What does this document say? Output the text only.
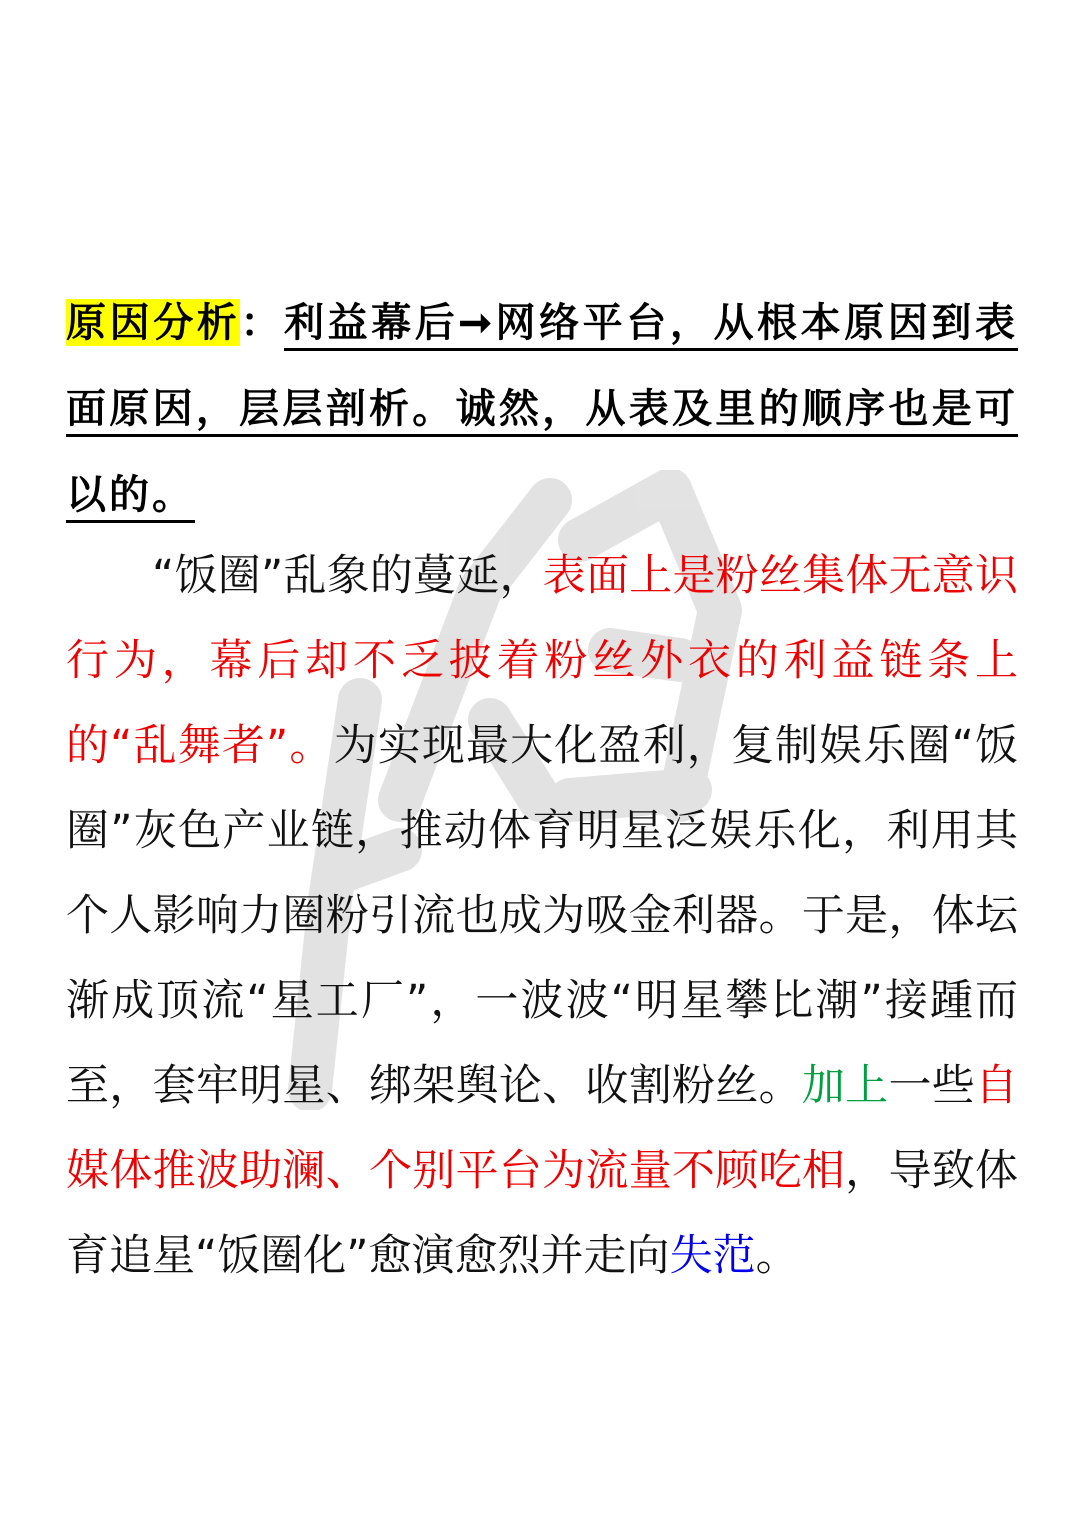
原因分析：利益幕后➞网络平台，从根本原因到表面原因，层层剖析。诚然，从表及里的顺序也是可以的。
“饭圈”乱象的蔓延，表面上是粉丝集体无意识行为，幕后却不乏披着粉丝外衣的利益链条上的“乱舞者”。为实现最大化盈利，复制娱乐圈“饭圈”灰色产业链，推动体育明星泛娱乐化，利用其个人影响力圈粉引流也成为吸金利器。于是，体坛渐成顶流“星工厂”，一波波“明星攀比潮”接踵而至，套牢明星、绑架舆论、收割粉丝。加上一些自媒体推波助澜、个别平台为流量不顾吃相，导致体育追星“饭圈化”愈演愈烈并走向失范。
